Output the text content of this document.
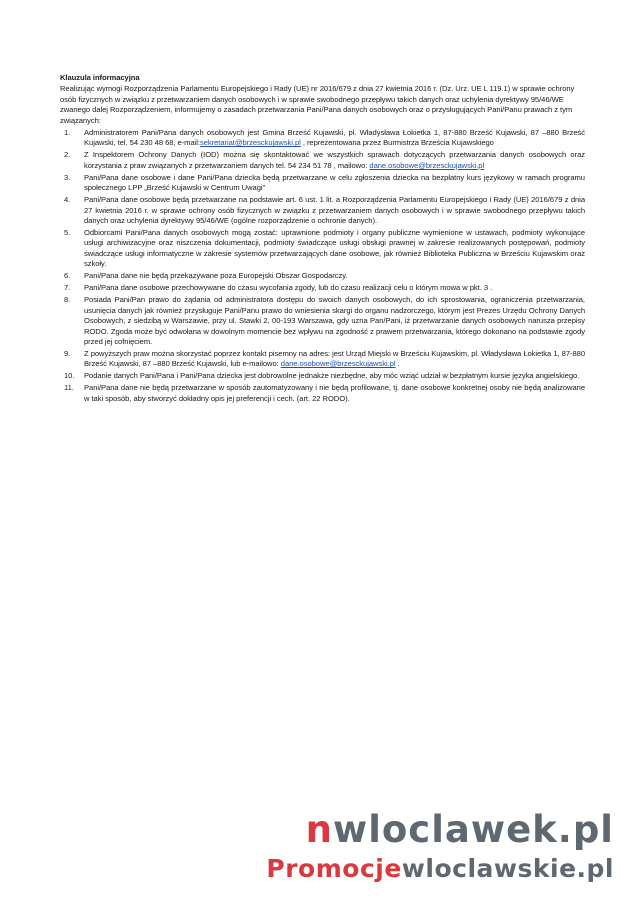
Klauzula informacyjna
Realizując wymogi Rozporządzenia Parlamentu Europejskiego i Rady (UE) nr 2016/679 z dnia 27 kwietnia 2016 r. (Dz. Urz. UE L 119.1) w sprawie ochrony osób fizycznych w związku z przetwarzaniem danych osobowych i w sprawie swobodnego przepływu takich danych oraz uchylenia dyrektywy 95/46/WE zwanego dalej Rozporządzeniem, informujemy o zasadach przetwarzania Pani/Pana danych osobowych oraz o przysługujących Pani/Panu prawach z tym związanych:
1. Administratorem Pani/Pana danych osobowych jest Gmina Brześć Kujawski, pl. Władysława Łokietka 1, 87-880 Brześć Kujawski, 87 –880 Brześć Kujawski, tel. 54 230 48 68, e-mail:sekretariat@brzesckujawski.pl , reprezentowana przez Burmistrza Brześcia Kujawskiego
2. Z Inspektorem Ochrony Danych (IOD) można się skontaktować we wszystkich sprawach dotyczących przetwarzania danych osobowych oraz korzystania z praw związanych z przetwarzaniem danych tel. 54 234 51 78 , mailowo: dane.osobowe@brzesckujawski.pl
3. Pani/Pana dane osobowe i dane Pani/Pana dziecka będą przetwarzane w celu zgłoszenia dziecka na bezpłatny kurs językowy w ramach programu społecznego LPP „Brześć Kujawski w Centrum Uwagi”
4. Pani/Pana dane osobowe będą przetwarzane na podstawie art. 6 ust. 1 lit. a Rozporządzenia Parlamentu Europejskiego i Rady (UE) 2016/679 z dnia 27 kwietnia 2016 r. w sprawie ochrony osób fizycznych w związku z przetwarzaniem danych osobowych i w sprawie swobodnego przepływu takich danych oraz uchylenia dyrektywy 95/46/WE (ogólne rozporządzenie o ochronie danych).
5. Odbiorcami Pani/Pana danych osobowych mogą zostać: uprawnione podmioty i organy publiczne wymienione w ustawach, podmioty wykonujące usługi archiwizacyjne oraz niszczenia dokumentacji, podmioty świadczące usługi obsługi prawnej w zakresie realizowanych postępowań, podmioty świadczące usługi informatyczne w zakresie systemów przetwarzających dane osobowe, jak również Biblioteka Publiczna w Brześciu Kujawskim oraz szkoły.
6. Pani/Pana dane nie będą przekazywane poza Europejski Obszar Gospodarczy.
7. Pani/Pana dane osobowe przechowywane do czasu wycofania zgody, lub do czasu realizacji celu o którym mowa w pkt. 3 .
8. Posiada Pani/Pan prawo do żądania od administratora dostępu do swoich danych osobowych, do ich sprostowania, ograniczenia przetwarzania, usunięcia danych jak również przysługuje Pani/Panu prawo do wniesienia skargi do organu nadzorczego, którym jest Prezes Urzędu Ochrony Danych Osobowych, z siedzibą w Warszawie, przy ul. Stawki 2, 00-193 Warszawa, gdy uzna Pan/Pani, iż przetwarzanie danych osobowych narusza przepisy RODO. Zgoda może być odwołana w dowolnym momencie bez wpływu na zgodność z prawem przetwarzania, którego dokonano na podstawie zgody przed jej cofnięciem.
9. Z powyższych praw można skorzystać poprzez kontakt pisemny na adres: jest Urząd Miejski w Brześciu Kujawskim, pl. Władysława Łokietka 1, 87-880 Brześć Kujawski, 87 –880 Brześć Kujawski, lub e-mailowo: dane.osobowe@brzesckujawski.pl .
10. Podanie danych Pani/Pana i Pani/Pana dziecka jest dobrowolne jednakże niezbędne, aby móc wziąć udział w bezpłatnym kursie języka angielskiego.
11. Pani/Pana dane nie będą przetwarzane w sposób zautomatyzowany i nie będą profilowane, tj. dane osobowe konkretnej osoby nie będą analizowane w taki sposób, aby stworzyć dokładny opis jej preferencji i cech. (art. 22 RODO).
nwloclawek.pl
Promocjewloclawskie.pl
